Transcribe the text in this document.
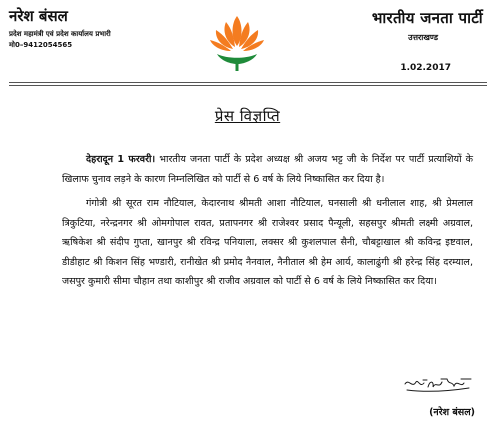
नरेश बंसल
प्रदेश महामंत्री एवं प्रदेश कार्यालय प्रभारी
मो0–9412054565
भारतीय जनता पार्टी
उत्तराखण्ड
1.02.2017
प्रेस विज्ञप्ति

देहरादून 1 फरवरी। भारतीय जनता पार्टी के प्रदेश अध्यक्ष श्री अजय भट्ट जी के निर्देश पर पार्टी प्रत्याशियों के खिलाफ चुनाव लड़ने के कारण निम्नलिखित को पार्टी से 6 वर्ष के लिये निष्कासित कर दिया है।

गंगोत्री श्री सूरत राम नौटियाल, केदारनाथ श्रीमती आशा नौटियाल, घनसाली श्री धनीलाल शाह, श्री प्रेमलाल त्रिकुटिया, नरेन्द्रनगर श्री ओमगोपाल रावत, प्रतापनगर श्री राजेश्वर प्रसाद पैन्यूली, सहसपुर श्रीमती लक्ष्मी अग्रवाल, ऋषिकेश श्री संदीप गुप्ता, खानपुर श्री रविन्द्र पनियाला, लक्सर श्री कुशलपाल सैनी, चौबट्टाखाल श्री कविन्द्र इष्टवाल, डीडीहाट श्री किशन सिंह भण्डारी, रानीखेत श्री प्रमोद नैनवाल, नैनीताल श्री हेम आर्य, कालाढुंगी श्री हरेन्द्र सिंह दरम्याल, जसपुर कुमारी सीमा चौहान तथा काशीपुर श्री राजीव अग्रवाल को पार्टी से 6 वर्ष के लिये निष्कासित कर दिया।

(नरेश बंसल)
